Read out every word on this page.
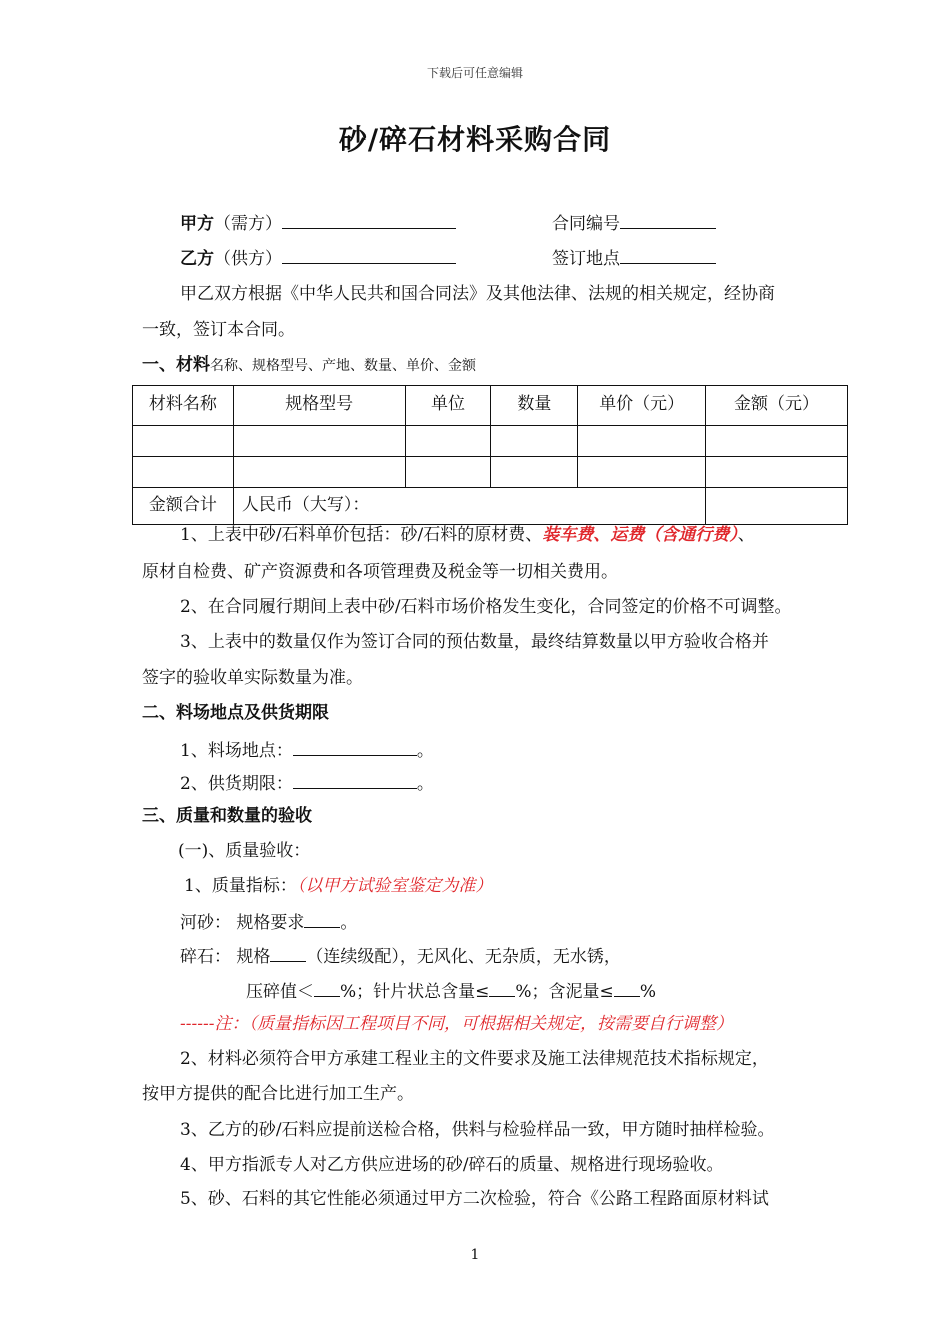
下载后可任意编辑
砂/碎石材料采购合同
甲方（需方）	合同编号
乙方（供方）	签订地点
甲乙双方根据《中华人民共和国合同法》及其他法律、法规的相关规定，经协商
一致，签订本合同。
一、材料名称、规格型号、产地、数量、单价、金额
材料名称	规格型号	单位	数量	单价（元）	金额（元）

金额合计	人民币（大写）：				
1、上表中砂/石料单价包括：砂/石料的原材费、装车费、运费（含通行费）、
原材自检费、矿产资源费和各项管理费及税金等一切相关费用。
2、在合同履行期间上表中砂/石料市场价格发生变化，合同签定的价格不可调整。
3、上表中的数量仅作为签订合同的预估数量，最终结算数量以甲方验收合格并
签字的验收单实际数量为准。
二、料场地点及供货期限
1、料场地点：	。
2、供货期限：	。
三、质量和数量的验收
(一)、质量验收：
1、质量指标：（以甲方试验室鉴定为准）
河砂： 规格要求 。
碎石： 规格 （连续级配），无风化、无杂质，无水锈，
压碎值＜ %；针片状总含量≤ %；含泥量≤ %
------注：（质量指标因工程项目不同，可根据相关规定，按需要自行调整）
2、材料必须符合甲方承建工程业主的文件要求及施工法律规范技术指标规定，
按甲方提供的配合比进行加工生产。
3、乙方的砂/石料应提前送检合格，供料与检验样品一致，甲方随时抽样检验。
4、甲方指派专人对乙方供应进场的砂/碎石的质量、规格进行现场验收。
5、砂、石料的其它性能必须通过甲方二次检验，符合《公路工程路面原材料试
1
